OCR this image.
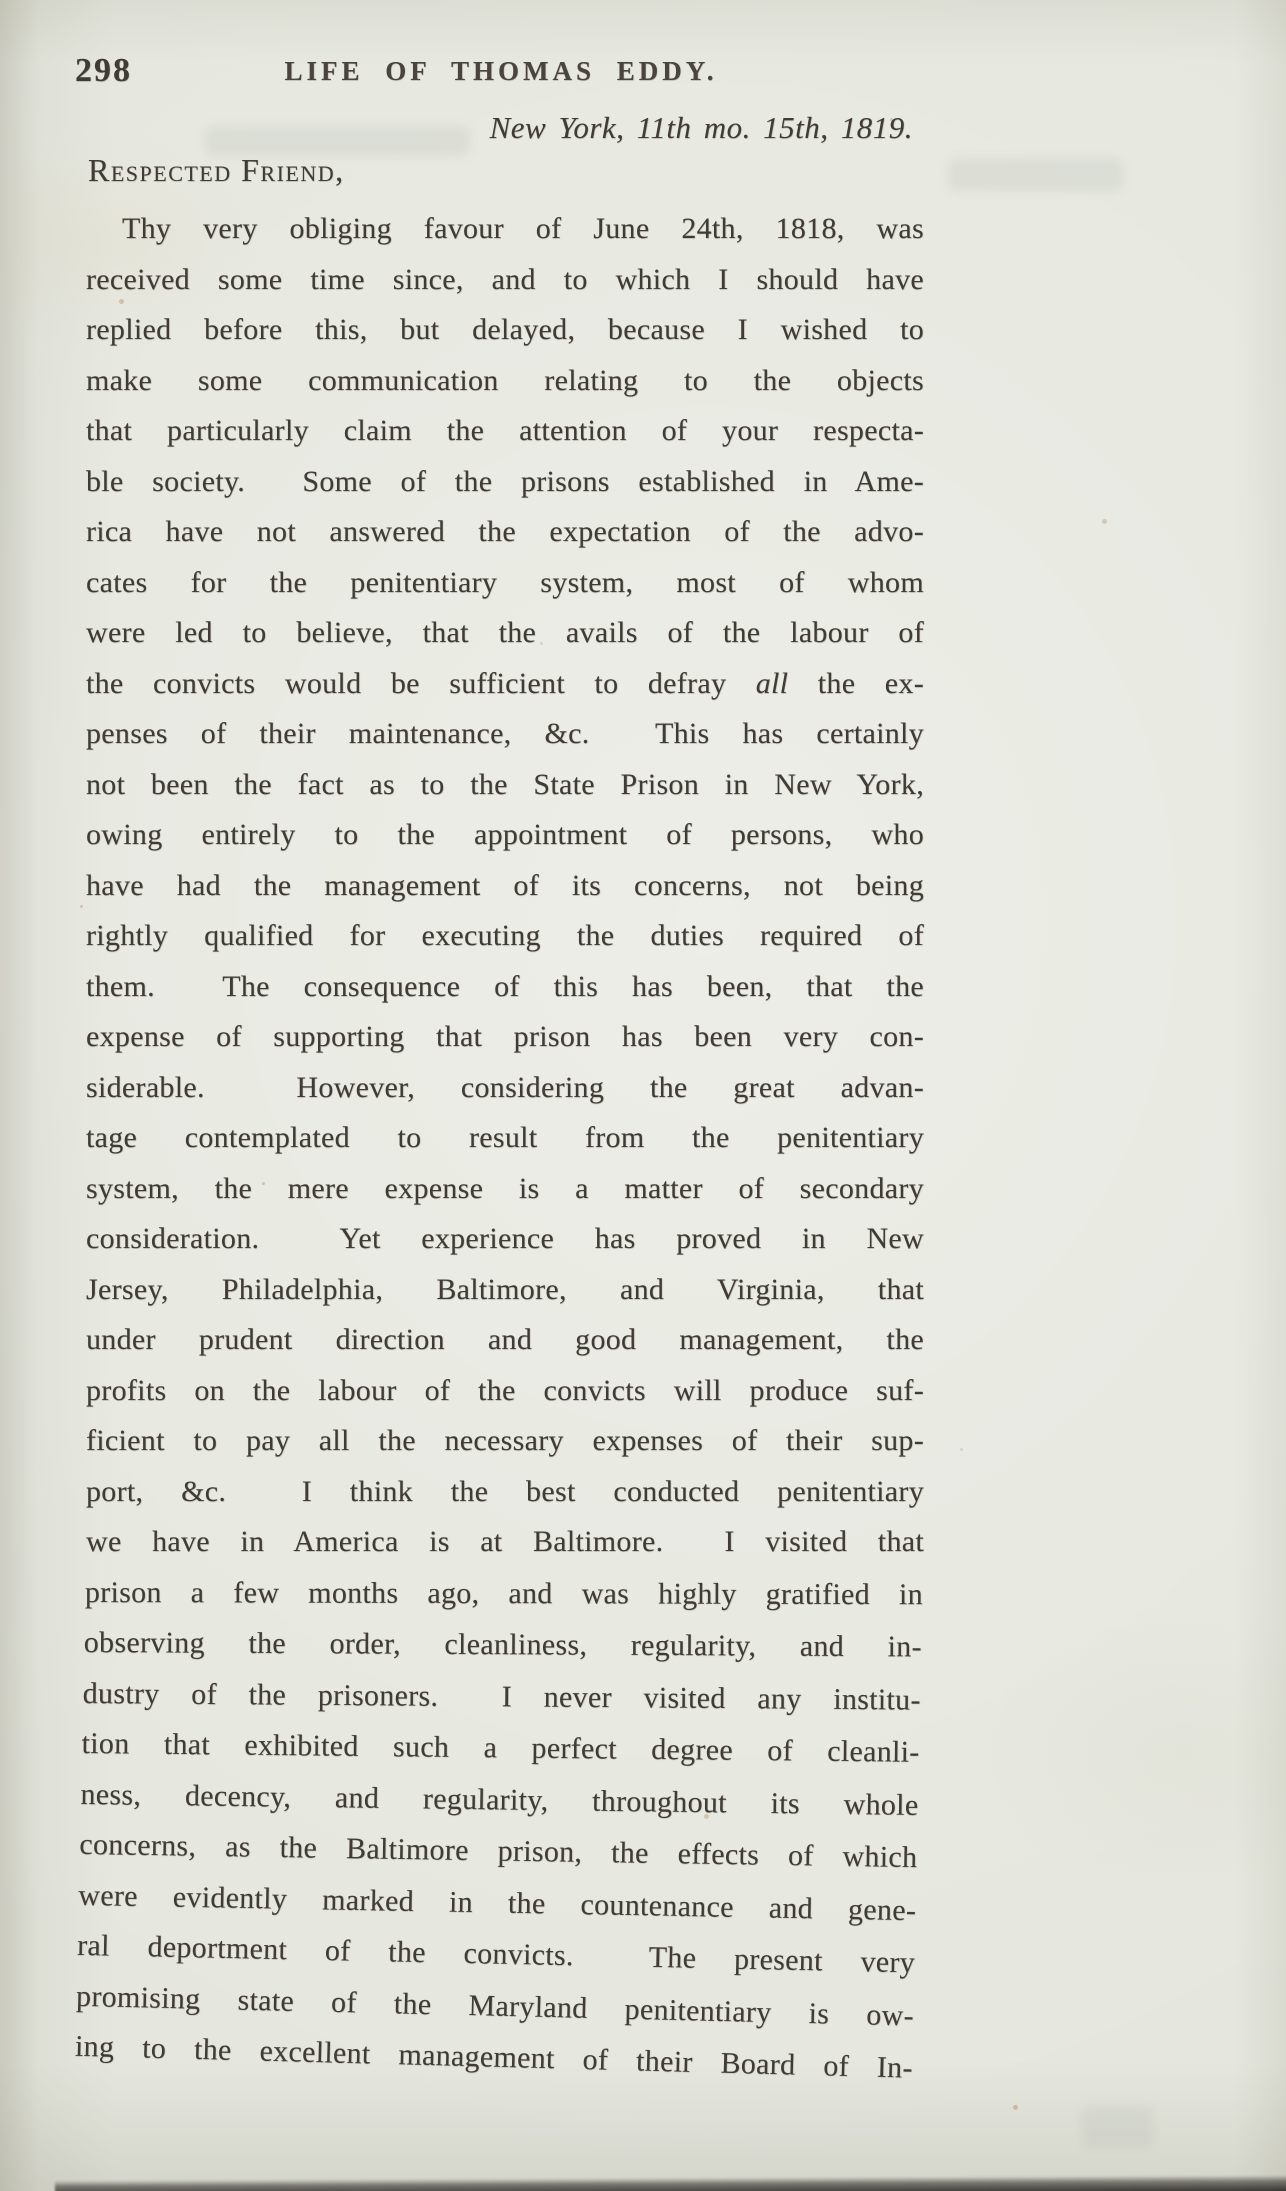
298	LIFE OF THOMAS EDDY.
New York, 11th mo. 15th, 1819.
Respected Friend,
Thy very obliging favour of June 24th, 1818, was
received some time since, and to which I should have
replied before this, but delayed, because I wished to
make some communication relating to the objects
that particularly claim the attention of your respecta-
ble society.  Some of the prisons established in Ame-
rica have not answered the expectation of the advo-
cates for the penitentiary system, most of whom
were led to believe, that the avails of the labour of
the convicts would be sufficient to defray all the ex-
penses of their maintenance, &c.  This has certainly
not been the fact as to the State Prison in New York,
owing entirely to the appointment of persons, who
have had the management of its concerns, not being
rightly qualified for executing the duties required of
them.  The consequence of this has been, that the
expense of supporting that prison has been very con-
siderable.  However, considering the great advan-
tage contemplated to result from the penitentiary
system, the mere expense is a matter of secondary
consideration.  Yet experience has proved in New
Jersey, Philadelphia, Baltimore, and Virginia, that
under prudent direction and good management, the
profits on the labour of the convicts will produce suf-
ficient to pay all the necessary expenses of their sup-
port, &c.  I think the best conducted penitentiary
we have in America is at Baltimore.  I visited that
prison a few months ago, and was highly gratified in
observing the order, cleanliness, regularity, and in-
dustry of the prisoners.  I never visited any institu-
tion that exhibited such a perfect degree of cleanli-
ness, decency, and regularity, throughout its whole
concerns, as the Baltimore prison, the effects of which
were evidently marked in the countenance and gene-
ral deportment of the convicts.  The present very
promising state of the Maryland penitentiary is ow-
ing to the excellent management of their Board of In-
